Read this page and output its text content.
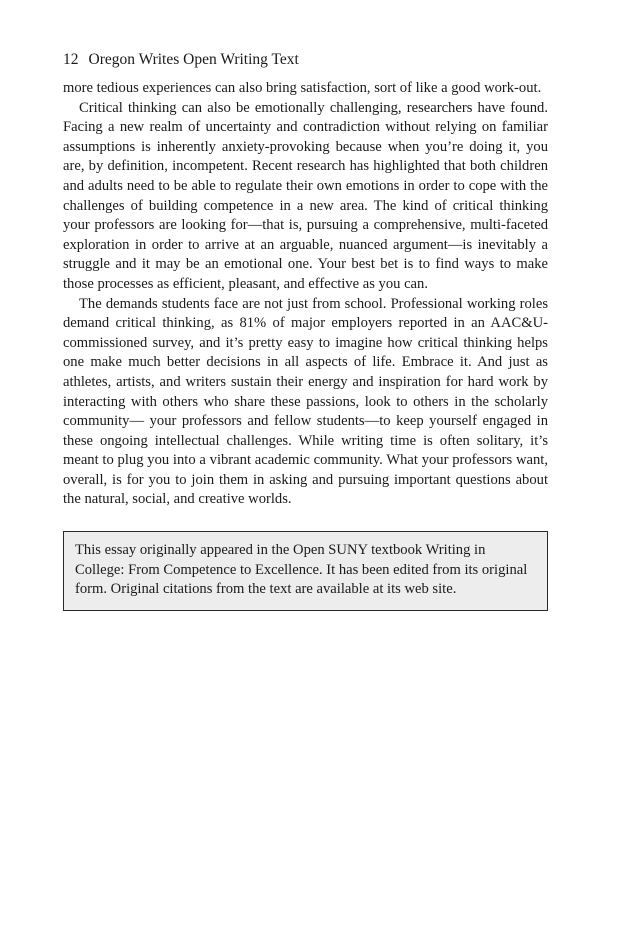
12 Oregon Writes Open Writing Text

more tedious experiences can also bring satisfaction, sort of like a good work-out.

Critical thinking can also be emotionally challenging, researchers have found. Facing a new realm of uncertainty and contradiction without relying on familiar assumptions is inherently anxiety-provoking because when you’re doing it, you are, by definition, incompetent. Recent research has highlighted that both children and adults need to be able to regulate their own emotions in order to cope with the challenges of building competence in a new area. The kind of critical thinking your professors are looking for—that is, pursuing a comprehensive, multi-faceted exploration in order to arrive at an arguable, nuanced argument—is inevitably a struggle and it may be an emotional one. Your best bet is to find ways to make those processes as efficient, pleasant, and effective as you can.

The demands students face are not just from school. Professional working roles demand critical thinking, as 81% of major employers reported in an AAC&U-commissioned survey, and it’s pretty easy to imagine how critical thinking helps one make much better decisions in all aspects of life. Embrace it. And just as athletes, artists, and writers sustain their energy and inspiration for hard work by interacting with others who share these passions, look to others in the scholarly community— your professors and fellow students—to keep yourself engaged in these ongoing intellectual challenges. While writing time is often solitary, it’s meant to plug you into a vibrant academic community. What your professors want, overall, is for you to join them in asking and pursuing important questions about the natural, social, and creative worlds.

This essay originally appeared in the Open SUNY textbook Writing in College: From Competence to Excellence. It has been edited from its original form. Original citations from the text are available at its web site.
